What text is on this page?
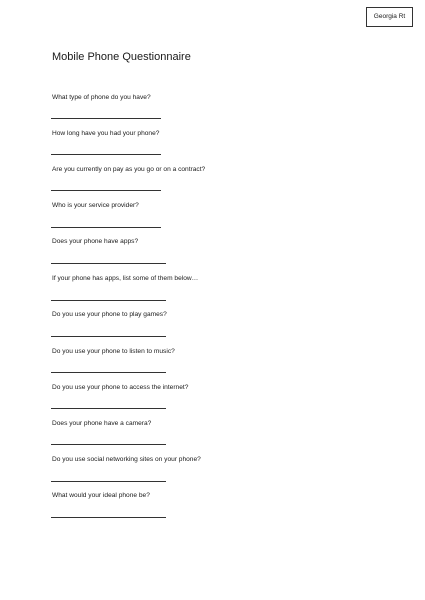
Georgia Rt
Mobile Phone Questionnaire
What type of phone do you have?
How long have you had your phone?
Are you currently on pay as you go or on a contract?
Who is your service provider?
Does your phone have apps?
If your phone has apps, list some of them below…
Do you use your phone to play games?
Do you use your phone to listen to music?
Do you use your phone to access the internet?
Does your phone have a camera?
Do you use social networking sites on your phone?
What would your ideal phone be?
